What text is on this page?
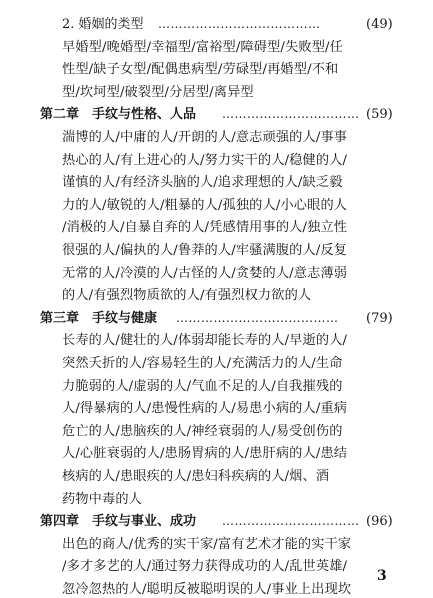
2. 婚姻的类型 …………………………………	(49)
早婚型/晚婚型/幸福型/富裕型/障碍型/失败型/任
性型/缺子女型/配偶患病型/劳碌型/再婚型/不和
型/坎坷型/破裂型/分居型/离异型
第二章　手纹与性格、人品 …………………………… (59)
湍博的人/中庸的人/开朗的人/意志顽强的人/事事
热心的人/有上进心的人/努力实干的人/稳健的人/
谨慎的人/有经济头脑的人/追求理想的人/缺乏毅
力的人/敏锐的人/粗暴的人/孤独的人/小心眼的人
/消极的人/自暴自弃的人/凭感情用事的人/独立性
很强的人/偏执的人/鲁莽的人/牢骚满腹的人/反复
无常的人/冷漠的人/古怪的人/贪婪的人/意志薄弱
的人/有强烈物质欲的人/有强烈权力欲的人
第三章　手纹与健康 …………………………………	(79)
长寿的人/健壮的人/体弱却能长寿的人/早逝的人/
突然夭折的人/容易轻生的人/充满活力的人/生命
力脆弱的人/虚弱的人/气血不足的人/自我摧残的
人/得暴病的人/患慢性病的人/易患小病的人/重病
危亡的人/患脑疾的人/神经衰弱的人/易受创伤的
人/心脏衰弱的人/患肠胃病的人/患肝病的人/患结
核病的人/患眼疾的人/患妇科疾病的人/烟、酒
药物中毒的人
第四章　手纹与事业、成功 …………………………… (96)
出色的商人/优秀的实干家/富有艺术才能的实干家
/多才多艺的人/通过努力获得成功的人/乱世英雄/
忽冷忽热的人/聪明反被聪明误的人/事业上出现坎
3
